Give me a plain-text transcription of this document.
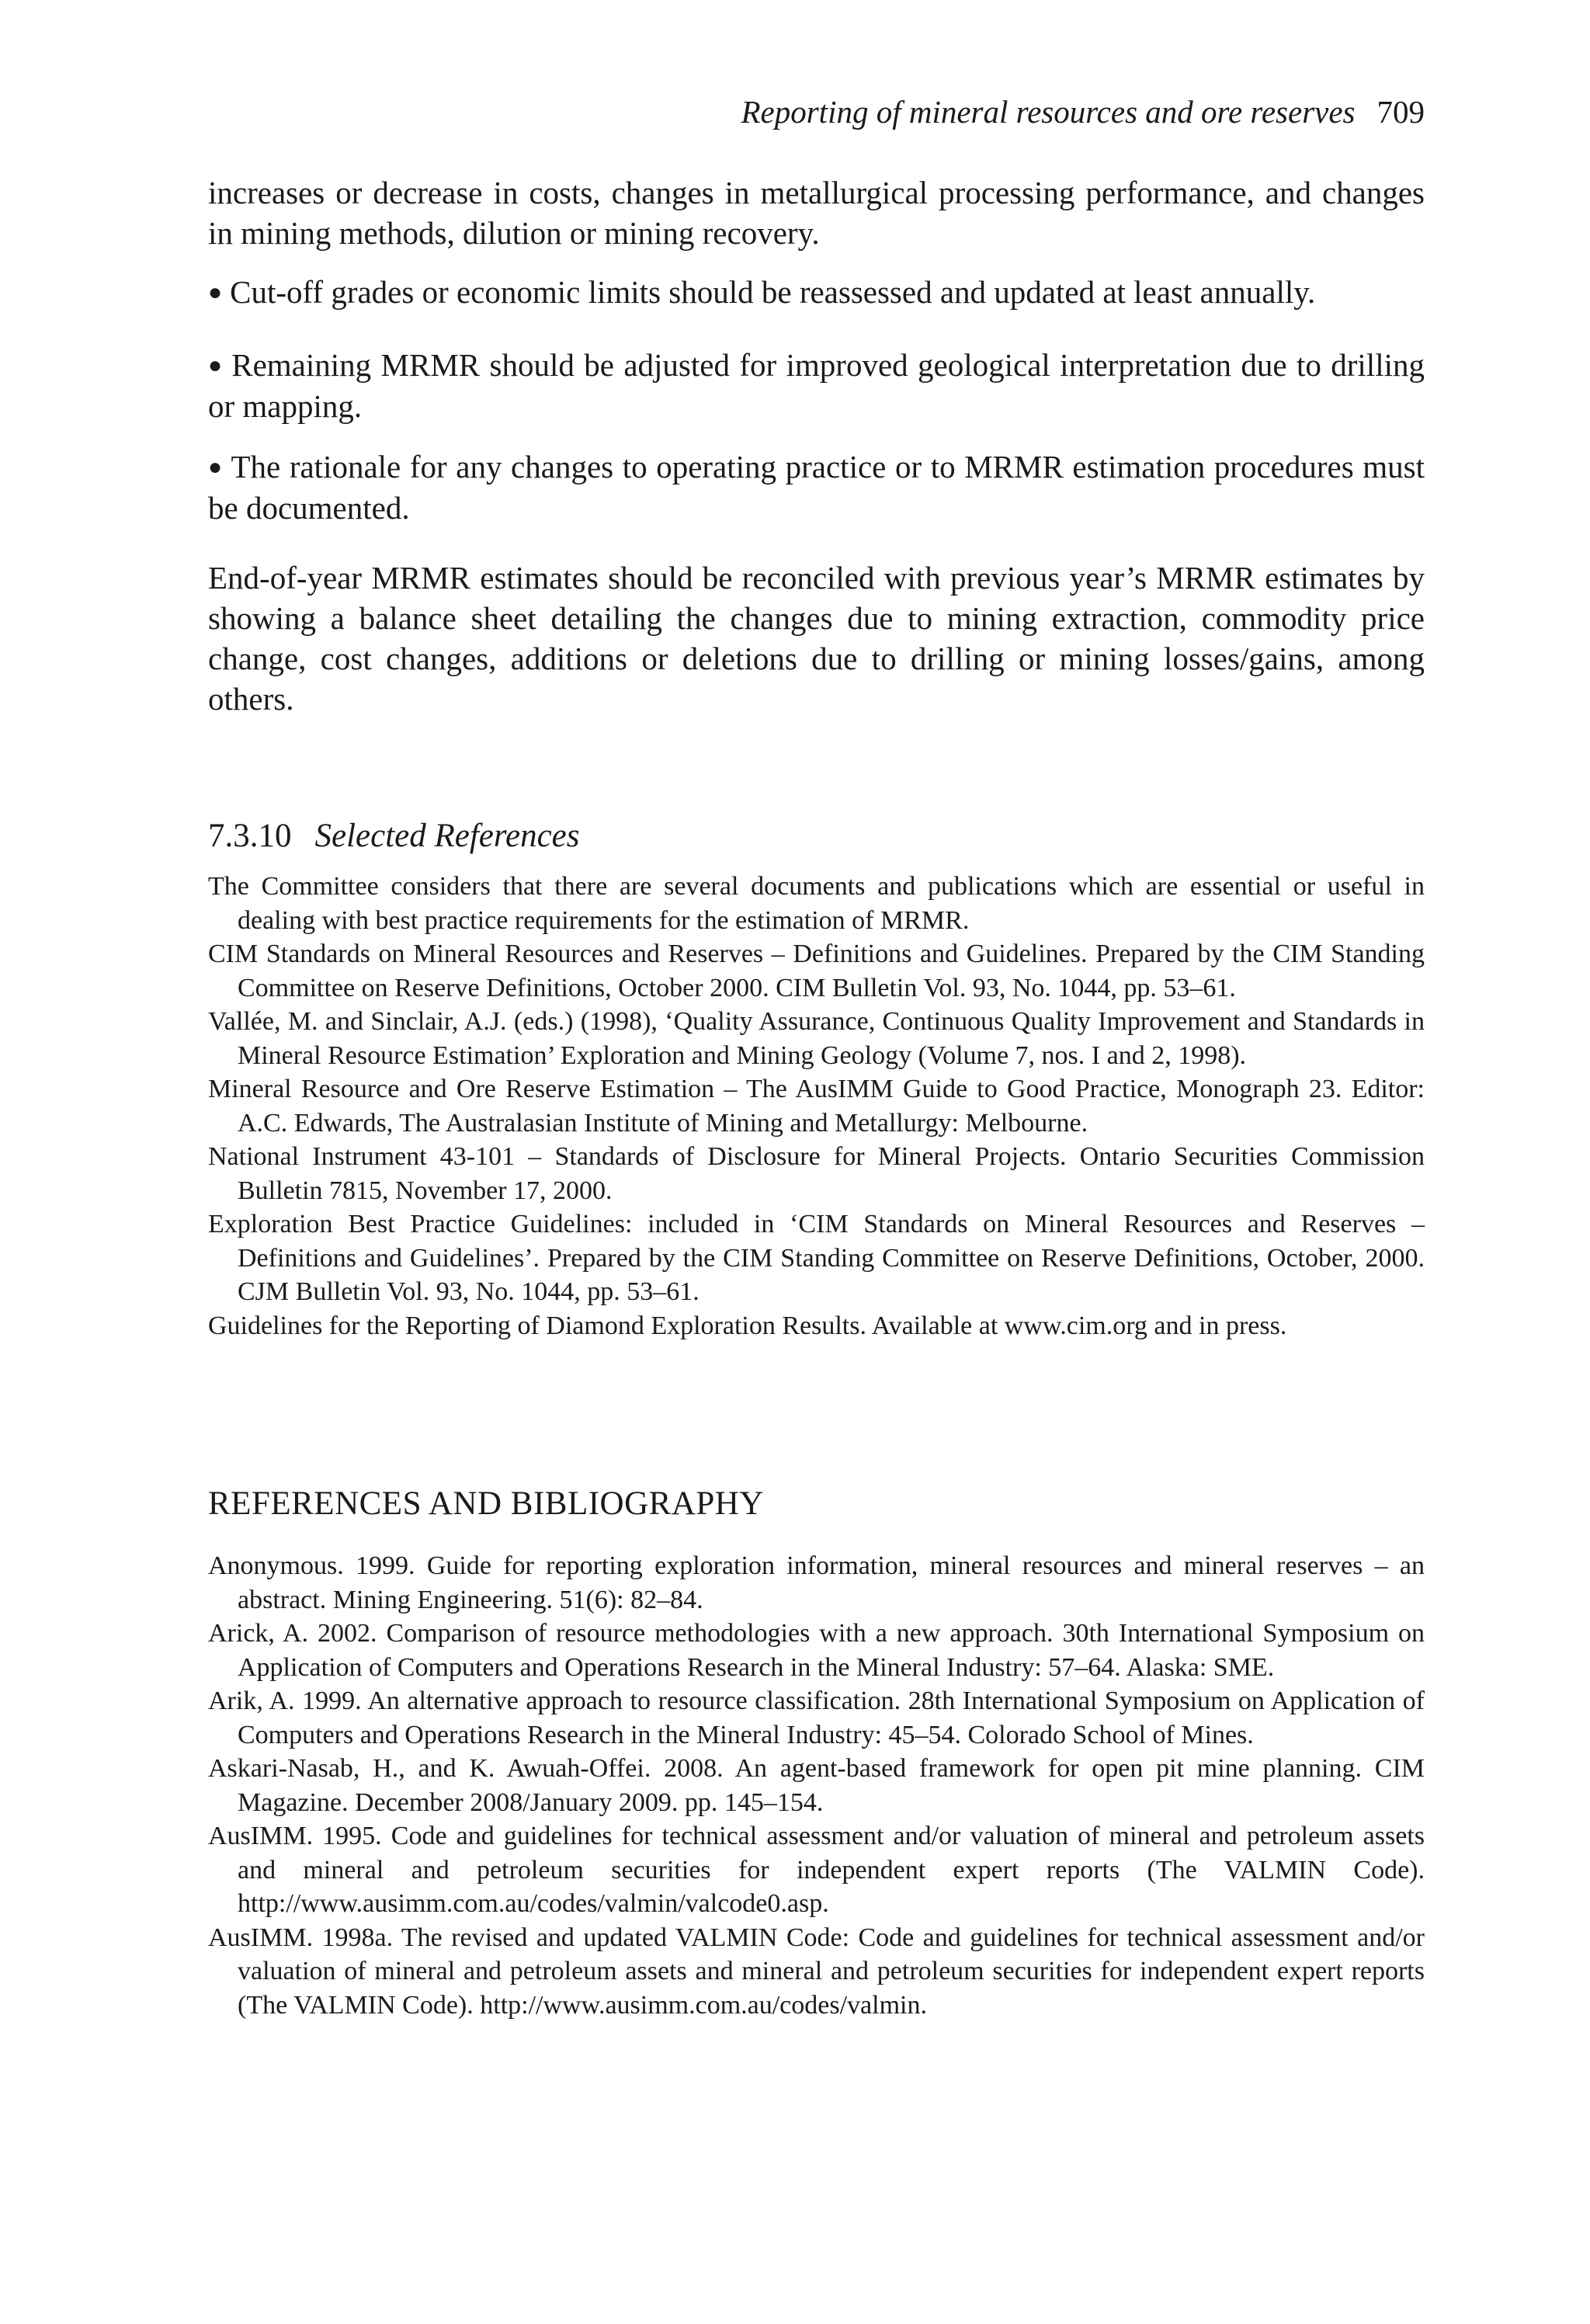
Reporting of mineral resources and ore reserves 709

increases or decrease in costs, changes in metallurgical processing performance, and changes in mining methods, dilution or mining recovery.

● Cut-off grades or economic limits should be reassessed and updated at least annually.

● Remaining MRMR should be adjusted for improved geological interpretation due to drilling or mapping.

● The rationale for any changes to operating practice or to MRMR estimation procedures must be documented.

End-of-year MRMR estimates should be reconciled with previous year’s MRMR estimates by showing a balance sheet detailing the changes due to mining extraction, commodity price change, cost changes, additions or deletions due to drilling or mining losses/gains, among others.

7.3.10 Selected References
The Committee considers that there are several documents and publications which are essential or useful in dealing with best practice requirements for the estimation of MRMR.
CIM Standards on Mineral Resources and Reserves – Definitions and Guidelines. Prepared by the CIM Standing Committee on Reserve Definitions, October 2000. CIM Bulletin Vol. 93, No. 1044, pp. 53–61.
Vallée, M. and Sinclair, A.J. (eds.) (1998), ‘Quality Assurance, Continuous Quality Improvement and Standards in Mineral Resource Estimation’ Exploration and Mining Geology (Volume 7, nos. I and 2, 1998).
Mineral Resource and Ore Reserve Estimation – The AusIMM Guide to Good Practice, Monograph 23. Editor: A.C. Edwards, The Australasian Institute of Mining and Metallurgy: Melbourne.
National Instrument 43-101 – Standards of Disclosure for Mineral Projects. Ontario Securities Commission Bulletin 7815, November 17, 2000.
Exploration Best Practice Guidelines: included in ‘CIM Standards on Mineral Resources and Reserves – Definitions and Guidelines’. Prepared by the CIM Standing Committee on Reserve Definitions, October, 2000. CJM Bulletin Vol. 93, No. 1044, pp. 53–61.
Guidelines for the Reporting of Diamond Exploration Results. Available at www.cim.org and in press.
REFERENCES AND BIBLIOGRAPHY
Anonymous. 1999. Guide for reporting exploration information, mineral resources and mineral reserves – an abstract. Mining Engineering. 51(6): 82–84.
Arick, A. 2002. Comparison of resource methodologies with a new approach. 30th International Symposium on Application of Computers and Operations Research in the Mineral Industry: 57–64. Alaska: SME.
Arik, A. 1999. An alternative approach to resource classification. 28th International Symposium on Application of Computers and Operations Research in the Mineral Industry: 45–54. Colorado School of Mines.
Askari-Nasab, H., and K. Awuah-Offei. 2008. An agent-based framework for open pit mine planning. CIM Magazine. December 2008/January 2009. pp. 145–154.
AusIMM. 1995. Code and guidelines for technical assessment and/or valuation of mineral and petroleum assets and mineral and petroleum securities for independent expert reports (The VALMIN Code). http://www.ausimm.com.au/codes/valmin/valcode0.asp.
AusIMM. 1998a. The revised and updated VALMIN Code: Code and guidelines for technical assessment and/or valuation of mineral and petroleum assets and mineral and petroleum securities for independent expert reports (The VALMIN Code). http://www.ausimm.com.au/codes/valmin.
